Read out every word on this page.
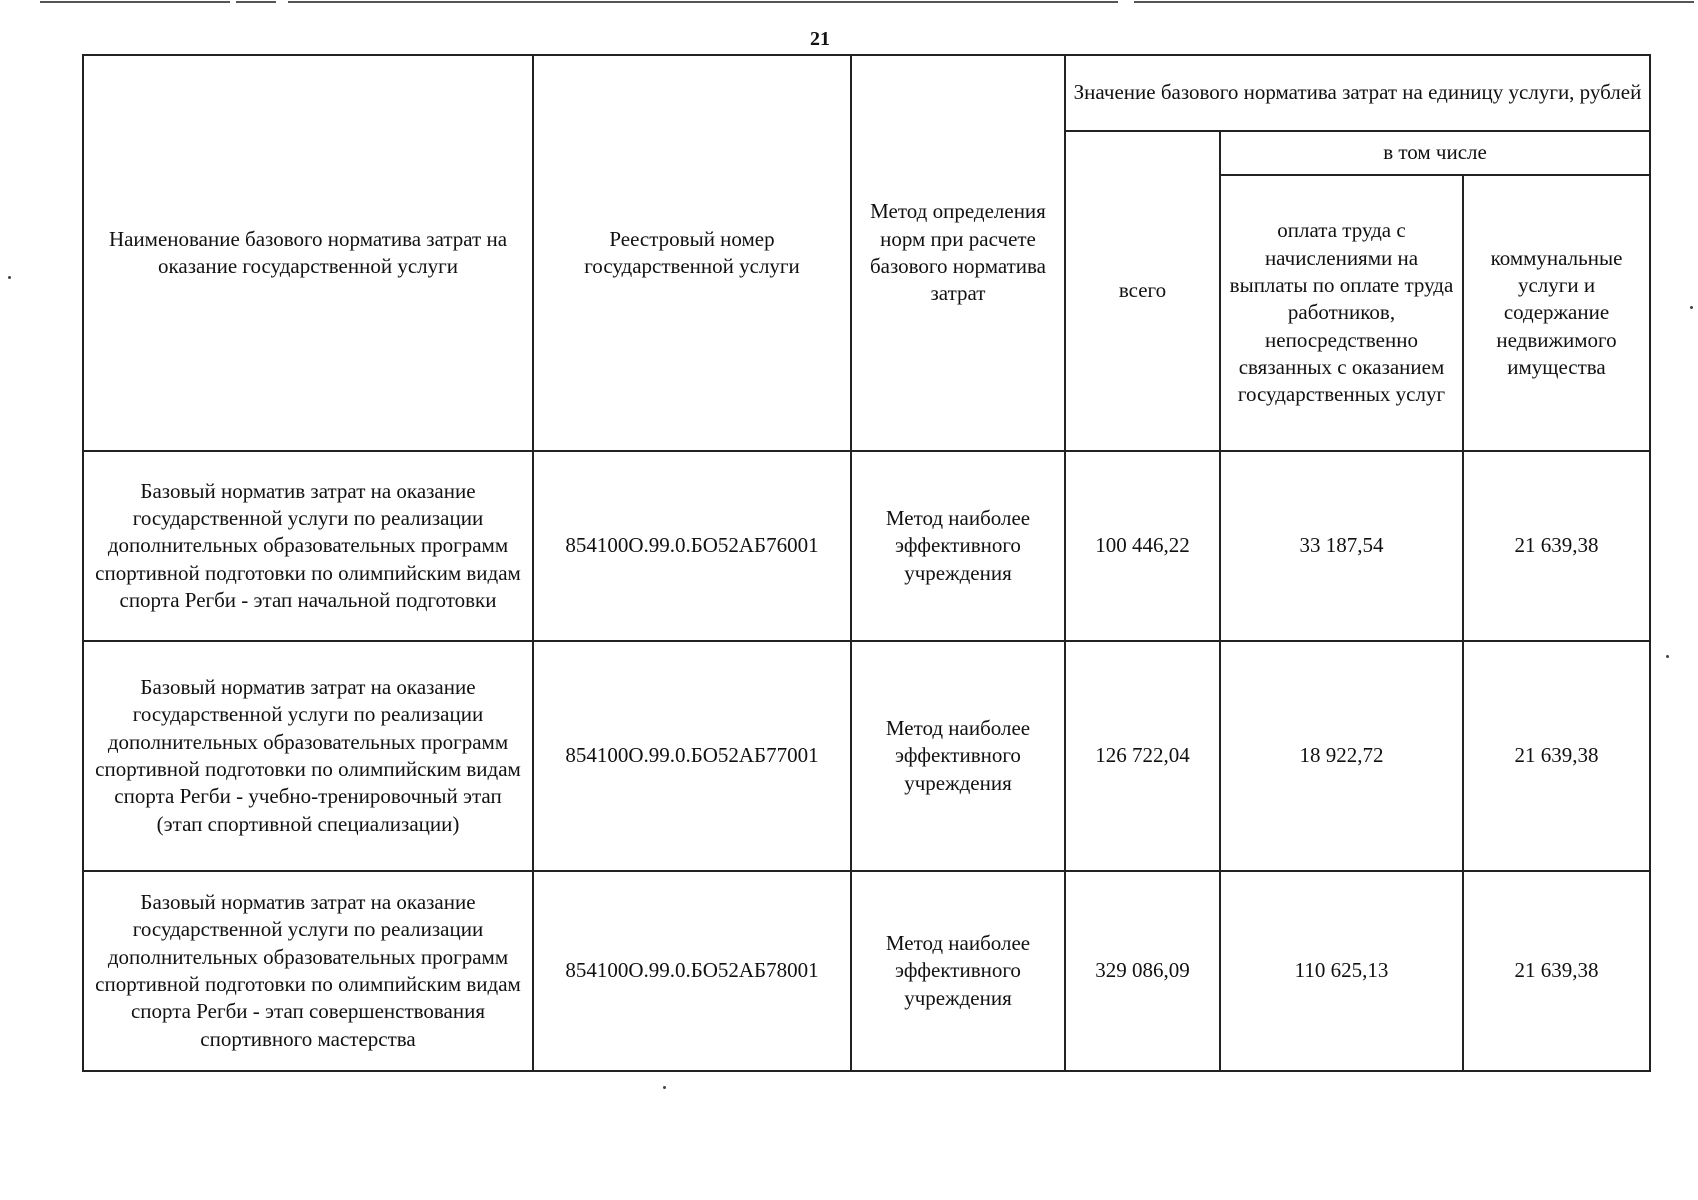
21
Наименование базового норматива затрат на оказание государственной услуги	Реестровый номер государственной услуги	Метод определения норм при расчете базового норматива затрат	Значение базового норматива затрат на единицу услуги, рублей		
			всего	в том числе	
				оплата труда с начислениями на выплаты по оплате труда работников, непосредственно связанных с оказанием государственных услуг	коммунальные услуги и содержание недвижимого имущества
Базовый норматив затрат на оказание государственной услуги по реализации дополнительных образовательных программ спортивной подготовки по олимпийским видам спорта Регби - этап начальной подготовки	854100О.99.0.БО52АБ76001	Метод наиболее эффективного учреждения	100 446,22	33 187,54	21 639,38
Базовый норматив затрат на оказание государственной услуги по реализации дополнительных образовательных программ спортивной подготовки по олимпийским видам спорта Регби - учебно-тренировочный этап (этап спортивной специализации)	854100О.99.0.БО52АБ77001	Метод наиболее эффективного учреждения	126 722,04	18 922,72	21 639,38
Базовый норматив затрат на оказание государственной услуги по реализации дополнительных образовательных программ спортивной подготовки по олимпийским видам спорта Регби - этап совершенствования спортивного мастерства	854100О.99.0.БО52АБ78001	Метод наиболее эффективного учреждения	329 086,09	110 625,13	21 639,38
